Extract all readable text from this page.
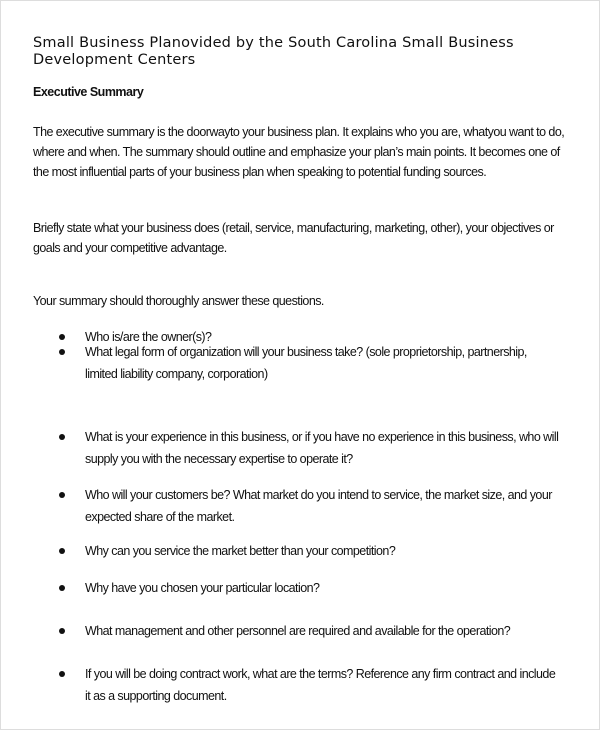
Small Business Planovided by the South Carolina Small Business Development Centers
Executive Summary
The executive summary is the doorwayto your business plan. It explains who you are, whatyou want to do, where and when. The summary should outline and emphasize your plan’s main points. It becomes one of the most influential parts of your business plan when speaking to potential funding sources.
Briefly state what your business does (retail, service, manufacturing, marketing, other), your objectives or goals and your competitive advantage.
Your summary should thoroughly answer these questions.
Who is/are the owner(s)?
What legal form of organization will your business take? (sole proprietorship, partnership, limited liability company, corporation)
What is your experience in this business, or if you have no experience in this business, who will supply you with the necessary expertise to operate it?
Who will your customers be? What market do you intend to service, the market size, and your expected share of the market.
Why can you service the market better than your competition?
Why have you chosen your particular location?
What management and other personnel are required and available for the operation?
If you will be doing contract work, what are the terms? Reference any firm contract and include it as a supporting document.
